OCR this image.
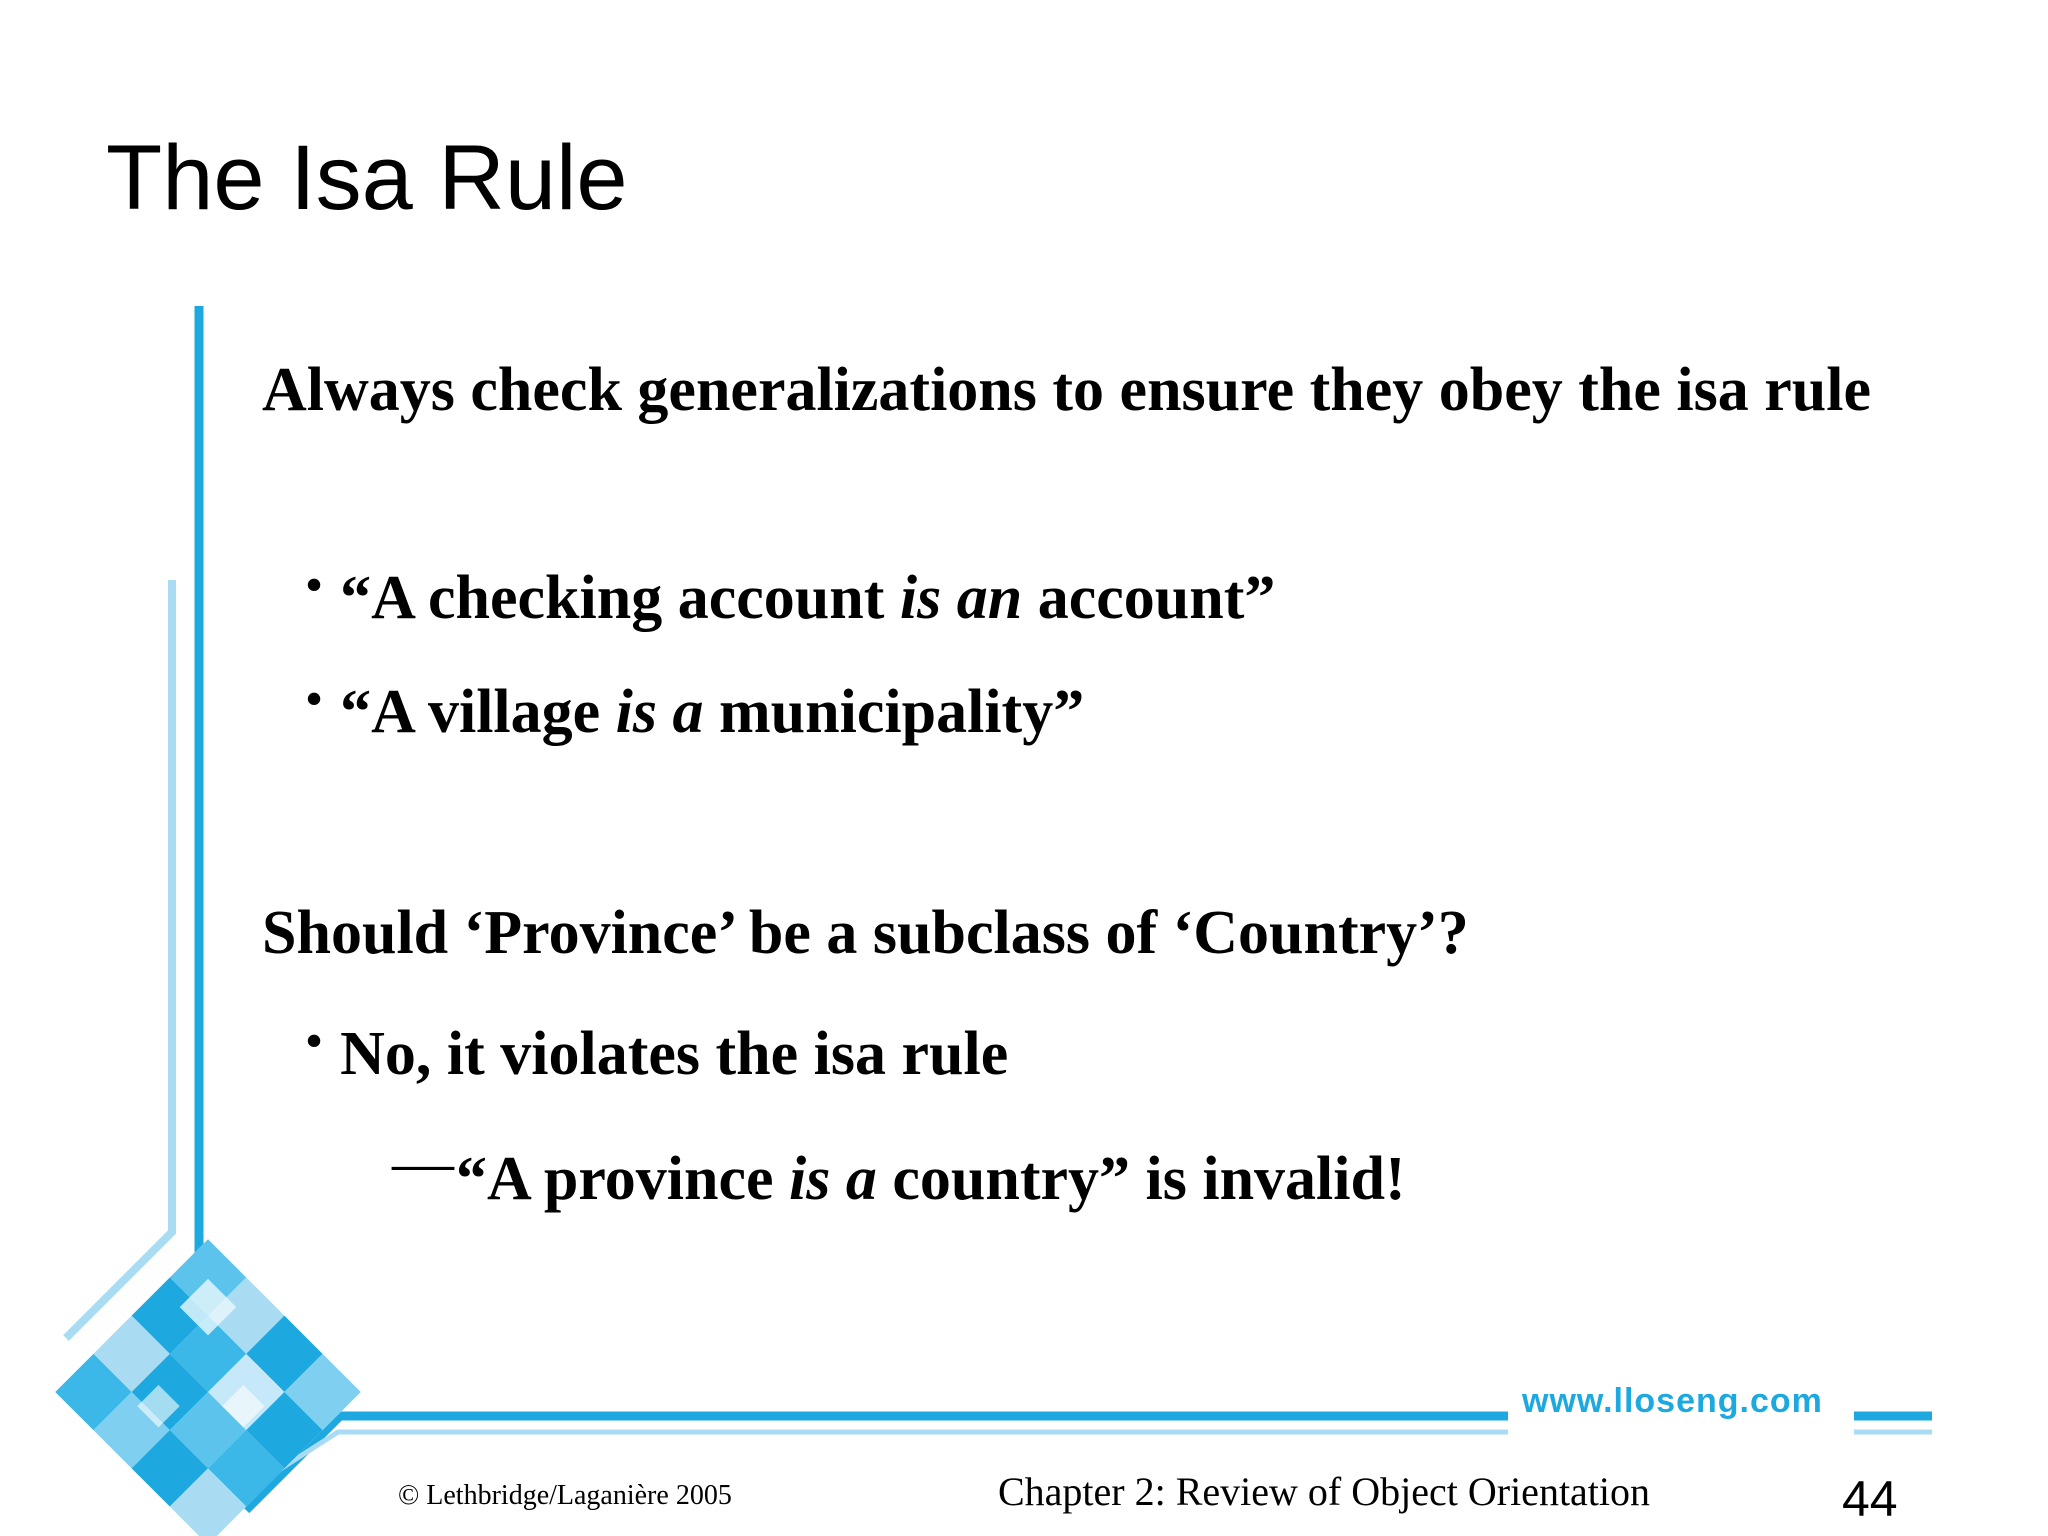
The Isa Rule
Always check generalizations to ensure they obey the isa rule
• “A checking account is an account”
• “A village is a municipality”
Should ‘Province’ be a subclass of ‘Country’?
• No, it violates the isa rule
—“A province is a country” is invalid!
www.lloseng.com
© Lethbridge/Laganière 2005	Chapter 2: Review of Object Orientation	44
